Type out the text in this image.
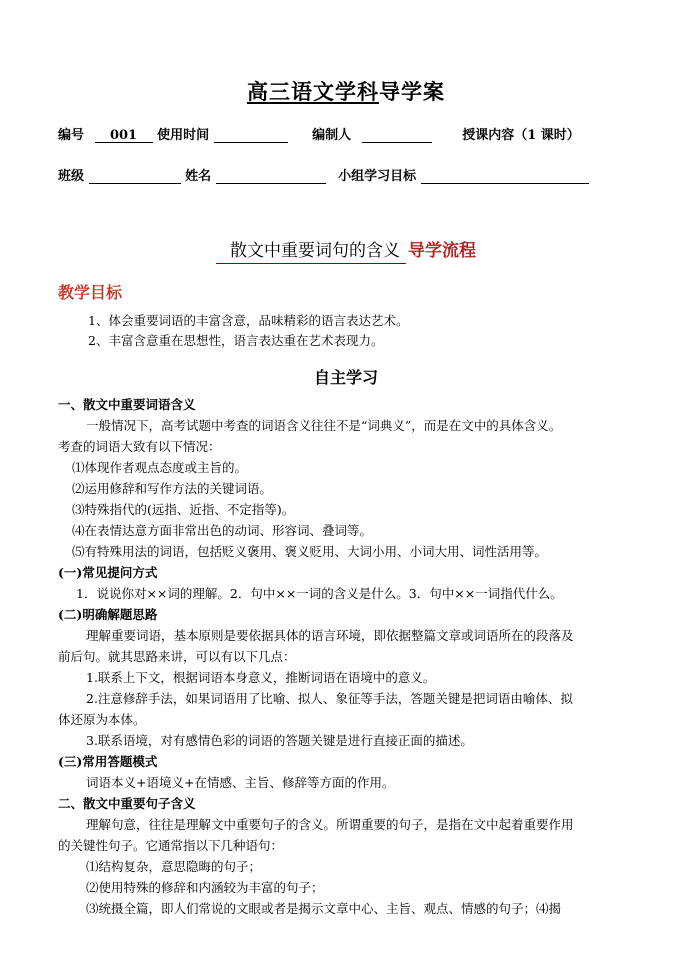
高三语文学科导学案
编号 001 使用时间	编制人	授课内容（1 课时）
班级	姓名	小组学习目标
散文中重要词句的含义 导学流程
教学目标
1、体会重要词语的丰富含意，品味精彩的语言表达艺术。
2、丰富含意重在思想性，语言表达重在艺术表现力。
自主学习
一、散文中重要词语含义
一般情况下，高考试题中考查的词语含义往往不是“词典义”，而是在文中的具体含义。
考查的词语大致有以下情况：
⑴体现作者观点态度或主旨的。
⑵运用修辞和写作方法的关键词语。
⑶特殊指代的(远指、近指、不定指等)。
⑷在表情达意方面非常出色的动词、形容词、叠词等。
⑸有特殊用法的词语，包括贬义褒用、褒义贬用、大词小用、小词大用、词性活用等。
(一)常见提问方式
1．说说你对××词的理解。2．句中××一词的含义是什么。3．句中××一词指代什么。
(二)明确解题思路
理解重要词语，基本原则是要依据具体的语言环境，即依据整篇文章或词语所在的段落及
前后句。就其思路来讲，可以有以下几点：
1.联系上下文，根据词语本身意义，推断词语在语境中的意义。
2.注意修辞手法，如果词语用了比喻、拟人、象征等手法，答题关键是把词语由喻体、拟
体还原为本体。
3.联系语境，对有感情色彩的词语的答题关键是进行直接正面的描述。
(三)常用答题模式
词语本义+语境义+在情感、主旨、修辞等方面的作用。
二、散文中重要句子含义
理解句意，往往是理解文中重要句子的含义。所谓重要的句子，是指在文中起着重要作用
的关键性句子。它通常指以下几种语句：
⑴结构复杂，意思隐晦的句子；
⑵使用特殊的修辞和内涵较为丰富的句子；
⑶统摄全篇，即人们常说的文眼或者是揭示文章中心、主旨、观点、情感的句子；⑷揭
